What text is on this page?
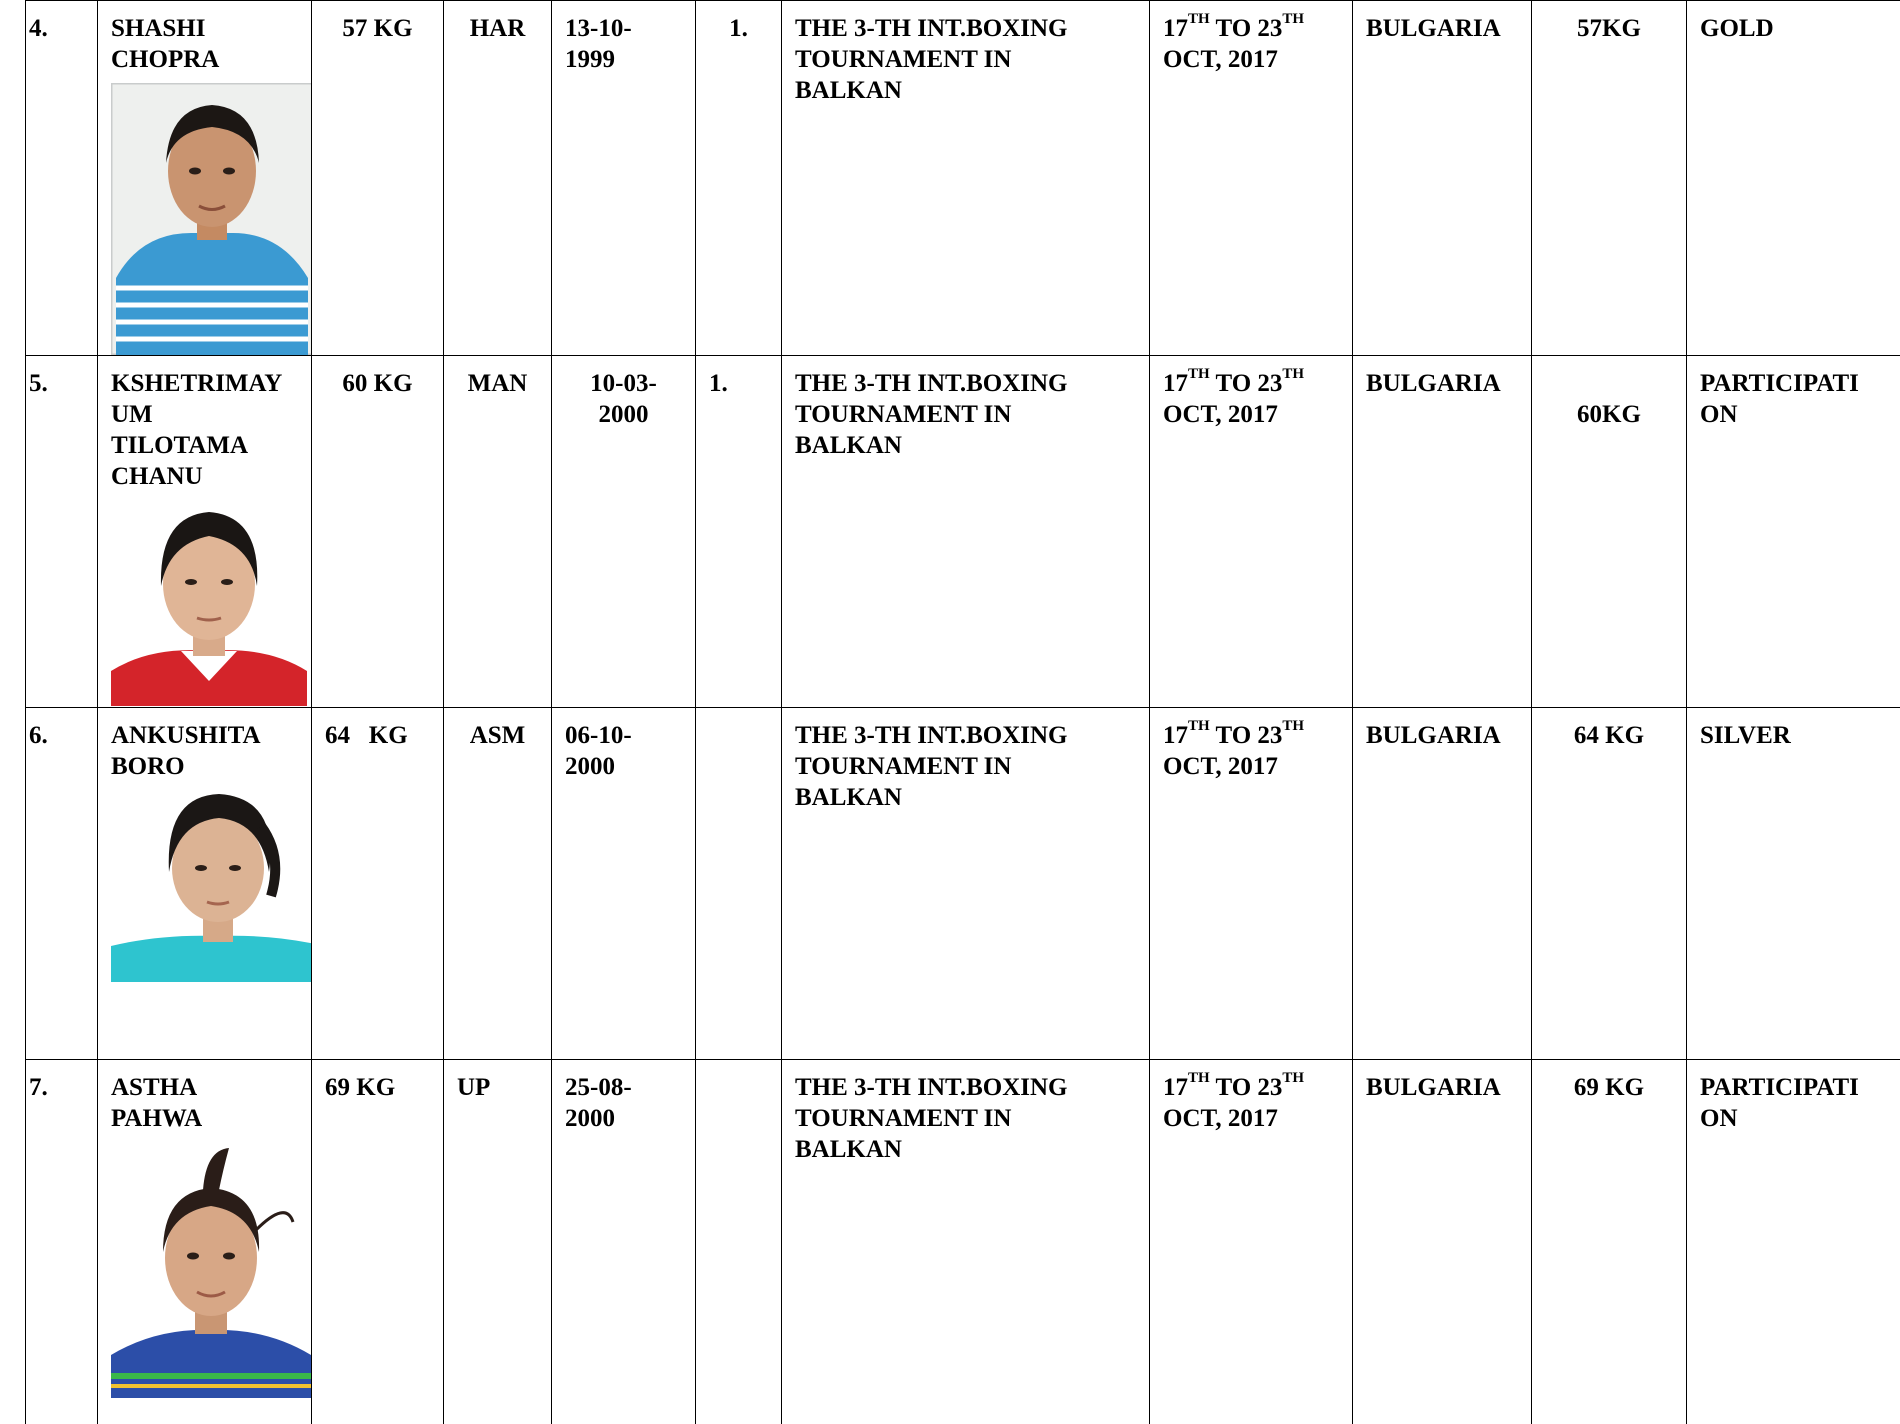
4.	SHASHI
CHOPRA	57 KG	HAR	13-10-
1999	1.	THE 3-TH INT.BOXING
TOURNAMENT IN
BALKAN	17TH TO 23TH
OCT, 2017	BULGARIA	57KG	GOLD
5.	KSHETRIMAY
UM
TILOTAMA
CHANU	60 KG	MAN	10-03-
2000	1.	THE 3-TH INT.BOXING
TOURNAMENT IN
BALKAN	17TH TO 23TH
OCT, 2017	BULGARIA	60KG	PARTICIPATI
ON

6.	ANKUSHITA
BORO	64   KG	ASM	06-10-
2000		THE 3-TH INT.BOXING
TOURNAMENT IN
BALKAN	17TH TO 23TH
OCT, 2017	BULGARIA	64 KG	SILVER
7.	ASTHA
PAHWA	69 KG	UP	25-08-
2000		THE 3-TH INT.BOXING
TOURNAMENT IN
BALKAN	17TH TO 23TH
OCT, 2017	BULGARIA	69 KG	PARTICIPATI
ON
